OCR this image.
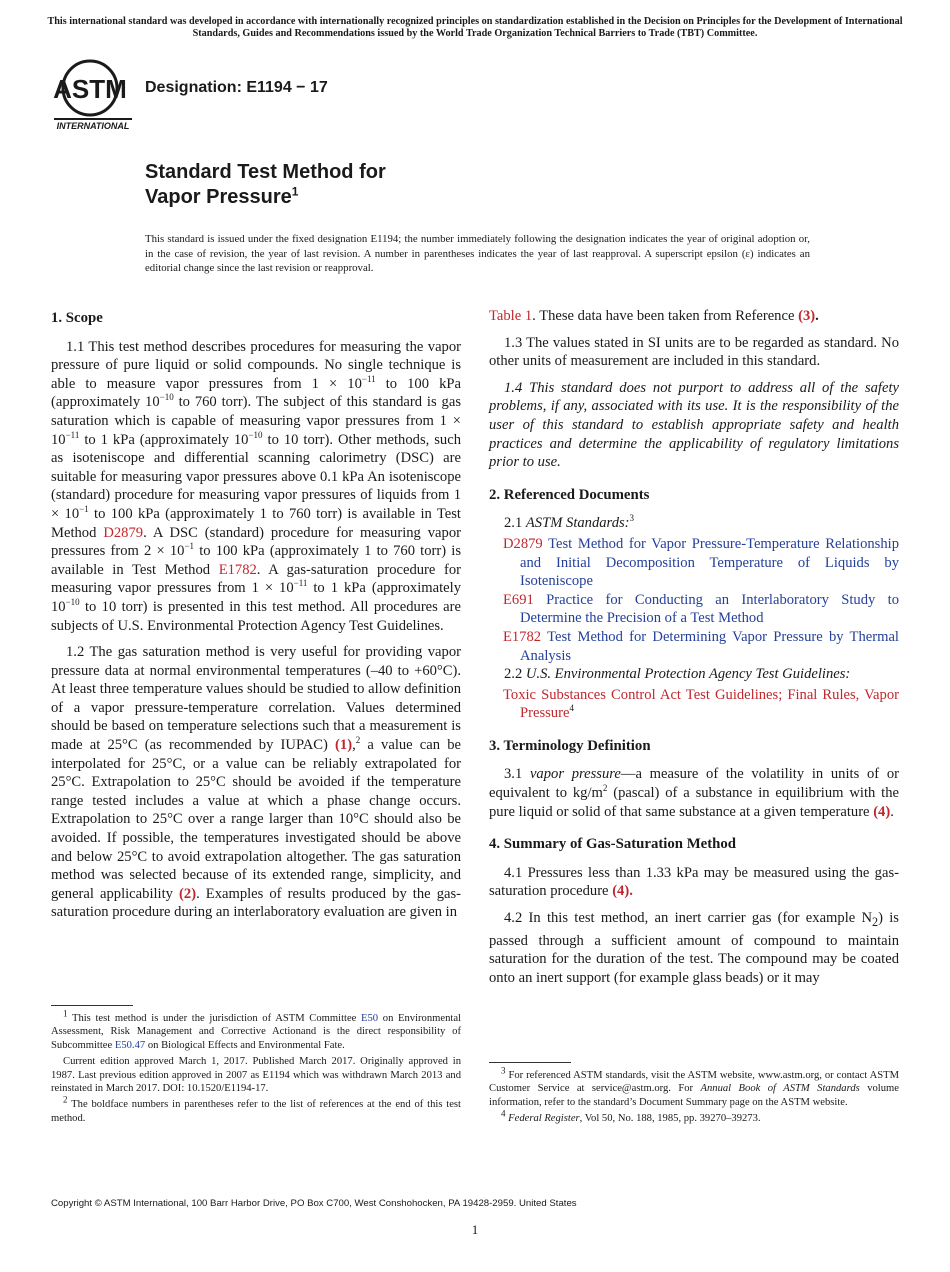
This international standard was developed in accordance with internationally recognized principles on standardization established in the Decision on Principles for the Development of International Standards, Guides and Recommendations issued by the World Trade Organization Technical Barriers to Trade (TBT) Committee.
ASTM
INTERNATIONAL
Designation: E1194 − 17
Standard Test Method for
Vapor Pressure$^1$
This standard is issued under the fixed designation E1194; the number immediately following the designation indicates the year of original adoption or, in the case of revision, the year of last revision. A number in parentheses indicates the year of last reapproval. A superscript epsilon (ε) indicates an editorial change since the last revision or reapproval.
1. Scope

1.1 This test method describes procedures for measuring the vapor pressure of pure liquid or solid compounds. No single technique is able to measure vapor pressures from $1 \times 10^{-11}$ to 100 kPa (approximately $10^{-10}$ to 760 torr). The subject of this standard is gas saturation which is capable of measuring vapor pressures from $1 \times 10^{-11}$ to 1 kPa (approximately $10^{-10}$ to 10 torr). Other methods, such as isoteniscope and differential scanning calorimetry (DSC) are suitable for measuring vapor pressures above 0.1 kPa An isoteniscope (standard) procedure for measuring vapor pressures of liquids from $1 \times 10^{-1}$ to 100 kPa (approximately 1 to 760 torr) is available in Test Method D2879. A DSC (standard) procedure for measuring vapor pressures from $2 \times 10^{-1}$ to 100 kPa (approximately 1 to 760 torr) is available in Test Method E1782. A gas-saturation procedure for measuring vapor pressures from $1 \times 10^{-11}$ to 1 kPa (approximately $10^{-10}$ to 10 torr) is presented in this test method. All procedures are subjects of U.S. Environmental Protection Agency Test Guidelines.

1.2 The gas saturation method is very useful for providing vapor pressure data at normal environmental temperatures (–40 to +60°C). At least three temperature values should be studied to allow definition of a vapor pressure-temperature correlation. Values determined should be based on temperature selections such that a measurement is made at 25°C (as recommended by IUPAC) (1),$^2$ a value can be interpolated for 25°C, or a value can be reliably extrapolated for 25°C. Extrapolation to 25°C should be avoided if the temperature range tested includes a value at which a phase change occurs. Extrapolation to 25°C over a range larger than 10°C should also be avoided. If possible, the temperatures investigated should be above and below 25°C to avoid extrapolation altogether. The gas saturation method was selected because of its extended range, simplicity, and general applicability (2). Examples of results produced by the gas-saturation procedure during an interlaboratory evaluation are given in

Table 1. These data have been taken from Reference (3).

1.3 The values stated in SI units are to be regarded as standard. No other units of measurement are included in this standard.

1.4 This standard does not purport to address all of the safety problems, if any, associated with its use. It is the responsibility of the user of this standard to establish appropriate safety and health practices and determine the applicability of regulatory limitations prior to use.

2. Referenced Documents
2.1 ASTM Standards:$^3$
D2879 Test Method for Vapor Pressure-Temperature Relationship and Initial Decomposition Temperature of Liquids by Isoteniscope
E691 Practice for Conducting an Interlaboratory Study to Determine the Precision of a Test Method
E1782 Test Method for Determining Vapor Pressure by Thermal Analysis
2.2 U.S. Environmental Protection Agency Test Guidelines:
Toxic Substances Control Act Test Guidelines; Final Rules, Vapor Pressure$^4$
3. Terminology Definition

3.1 vapor pressure—a measure of the volatility in units of or equivalent to $kg/m^2$ (pascal) of a substance in equilibrium with the pure liquid or solid of that same substance at a given temperature (4).

4. Summary of Gas-Saturation Method

4.1 Pressures less than 1.33 kPa may be measured using the gas-saturation procedure (4).

4.2 In this test method, an inert carrier gas (for example $N_2$) is passed through a sufficient amount of compound to maintain saturation for the duration of the test. The compound may be coated onto an inert support (for example glass beads) or it may

$^1$ This test method is under the jurisdiction of ASTM Committee E50 on Environmental Assessment, Risk Management and Corrective Actionand is the direct responsibility of Subcommittee E50.47 on Biological Effects and Environmental Fate.

Current edition approved March 1, 2017. Published March 2017. Originally approved in 1987. Last previous edition approved in 2007 as E1194 which was withdrawn March 2013 and reinstated in March 2017. DOI: 10.1520/E1194-17.

$^2$ The boldface numbers in parentheses refer to the list of references at the end of this test method.

$^3$ For referenced ASTM standards, visit the ASTM website, www.astm.org, or contact ASTM Customer Service at service@astm.org. For Annual Book of ASTM Standards volume information, refer to the standard’s Document Summary page on the ASTM website.

$^4$ Federal Register, Vol 50, No. 188, 1985, pp. 39270–39273.

Copyright © ASTM International, 100 Barr Harbor Drive, PO Box C700, West Conshohocken, PA 19428-2959. United States
1
